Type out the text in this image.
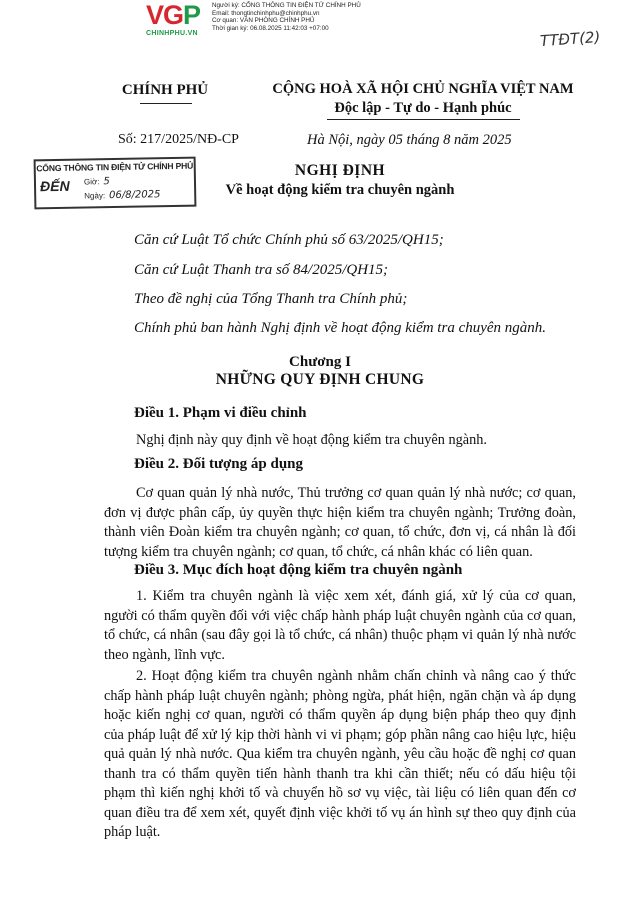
VGP
CHINHPHU.VN
Người ký: CỔNG THÔNG TIN ĐIỆN TỬ CHÍNH PHỦ
Email: thongtinchinhphu@chinhphu.vn
Cơ quan: VĂN PHÒNG CHÍNH PHỦ
Thời gian ký: 06.08.2025 11:42:03 +07:00	TTĐT(2)
CHÍNH PHỦ	CỘNG HOÀ XÃ HỘI CHỦ NGHĨA VIỆT NAM
Độc lập - Tự do - Hạnh phúc
Số: 217/2025/NĐ-CP	Hà Nội, ngày 05 tháng 8 năm 2025
CỔNG THÔNG TIN ĐIỆN TỬ CHÍNH PHỦ
ĐẾN Giờ: 5
Ngày: 06/8/2025
NGHỊ ĐỊNH
Về hoạt động kiểm tra chuyên ngành
Căn cứ Luật Tổ chức Chính phủ số 63/2025/QH15;
Căn cứ Luật Thanh tra số 84/2025/QH15;
Theo đề nghị của Tổng Thanh tra Chính phủ;
Chính phủ ban hành Nghị định về hoạt động kiểm tra chuyên ngành.
Chương I
NHỮNG QUY ĐỊNH CHUNG
Điều 1. Phạm vi điều chỉnh
Nghị định này quy định về hoạt động kiểm tra chuyên ngành.
Điều 2. Đối tượng áp dụng
Cơ quan quản lý nhà nước, Thủ trưởng cơ quan quản lý nhà nước; cơ quan, đơn vị được phân cấp, ủy quyền thực hiện kiểm tra chuyên ngành; Trưởng đoàn, thành viên Đoàn kiểm tra chuyên ngành; cơ quan, tổ chức, đơn vị, cá nhân là đối tượng kiểm tra chuyên ngành; cơ quan, tổ chức, cá nhân khác có liên quan.
Điều 3. Mục đích hoạt động kiểm tra chuyên ngành
1. Kiểm tra chuyên ngành là việc xem xét, đánh giá, xử lý của cơ quan, người có thẩm quyền đối với việc chấp hành pháp luật chuyên ngành của cơ quan, tổ chức, cá nhân (sau đây gọi là tổ chức, cá nhân) thuộc phạm vi quản lý nhà nước theo ngành, lĩnh vực.
2. Hoạt động kiểm tra chuyên ngành nhằm chấn chỉnh và nâng cao ý thức chấp hành pháp luật chuyên ngành; phòng ngừa, phát hiện, ngăn chặn và áp dụng hoặc kiến nghị cơ quan, người có thẩm quyền áp dụng biện pháp theo quy định của pháp luật để xử lý kịp thời hành vi vi phạm; góp phần nâng cao hiệu lực, hiệu quả quản lý nhà nước. Qua kiểm tra chuyên ngành, yêu cầu hoặc đề nghị cơ quan thanh tra có thẩm quyền tiến hành thanh tra khi cần thiết; nếu có dấu hiệu tội phạm thì kiến nghị khởi tố và chuyển hồ sơ vụ việc, tài liệu có liên quan đến cơ quan điều tra để xem xét, quyết định việc khởi tố vụ án hình sự theo quy định của pháp luật.
